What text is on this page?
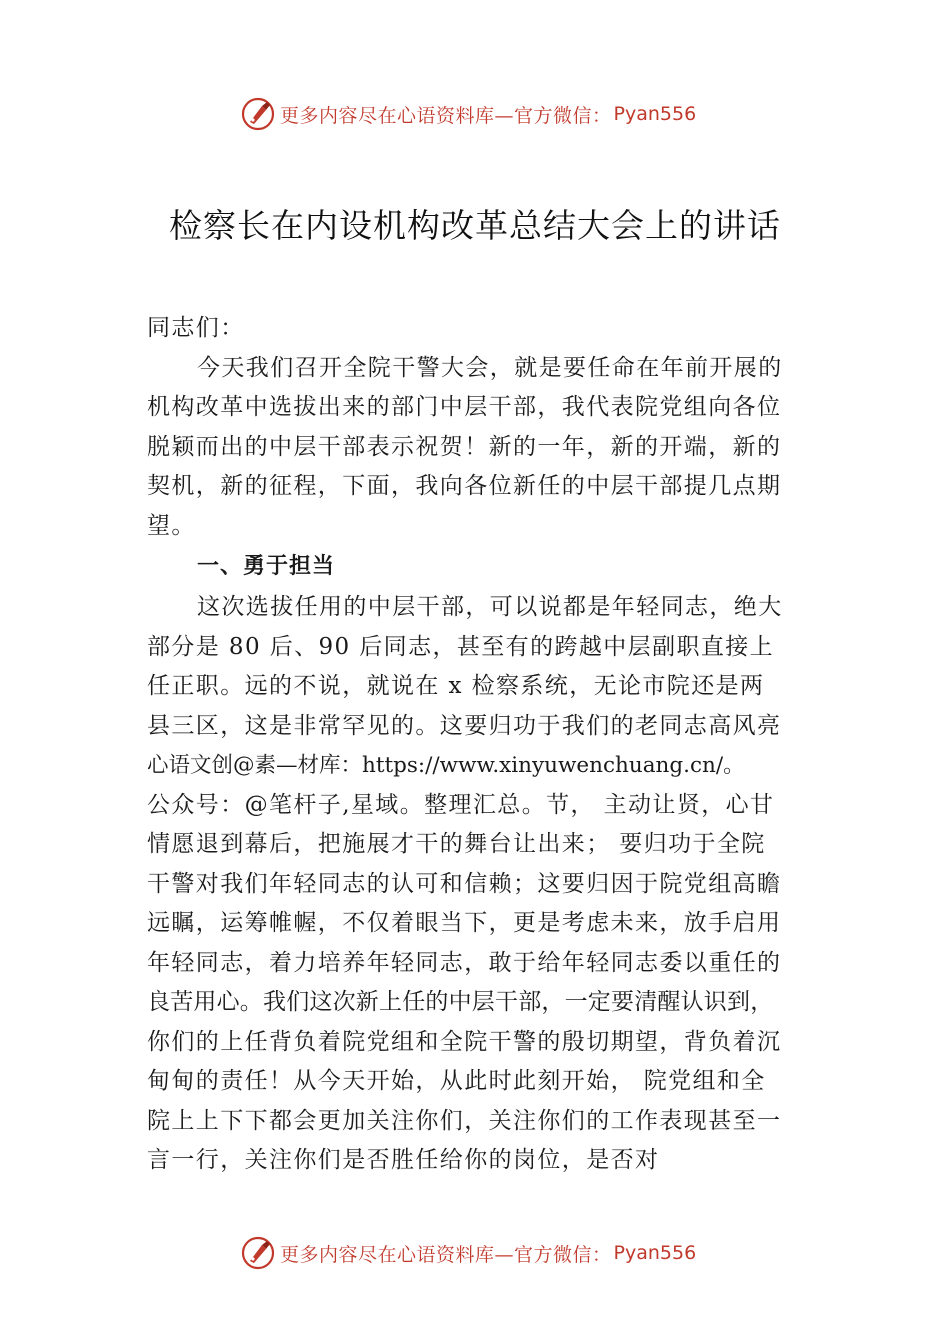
更多内容尽在心语资料库—官方微信： Pyan556
检察长在内设机构改革总结大会上的讲话
同志们：
今天我们召开全院干警大会，就是要任命在年前开展的
机构改革中选拔出来的部门中层干部，我代表院党组向各位
脱颖而出的中层干部表示祝贺！新的一年，新的开端，新的
契机，新的征程，下面，我向各位新任的中层干部提几点期
望。
一、勇于担当
这次选拔任用的中层干部，可以说都是年轻同志，绝大
部分是 80 后、90 后同志，甚至有的跨越中层副职直接上
任正职。远的不说，就说在 x 检察系统，无论市院还是两
县三区，这是非常罕见的。这要归功于我们的老同志高风亮
心语文创@素—材库：https://www.xinyuwenchuang.cn/。
公众号：@笔杆子,星域。整理汇总。节， 主动让贤，心甘
情愿退到幕后，把施展才干的舞台让出来； 要归功于全院
干警对我们年轻同志的认可和信赖；这要归因于院党组高瞻
远瞩，运筹帷幄，不仅着眼当下，更是考虑未来，放手启用
年轻同志，着力培养年轻同志，敢于给年轻同志委以重任的
良苦用心。我们这次新上任的中层干部，一定要清醒认识到，
你们的上任背负着院党组和全院干警的殷切期望，背负着沉
甸甸的责任！从今天开始，从此时此刻开始， 院党组和全
院上上下下都会更加关注你们，关注你们的工作表现甚至一
言一行，关注你们是否胜任给你的岗位，是否对
更多内容尽在心语资料库—官方微信： Pyan556
